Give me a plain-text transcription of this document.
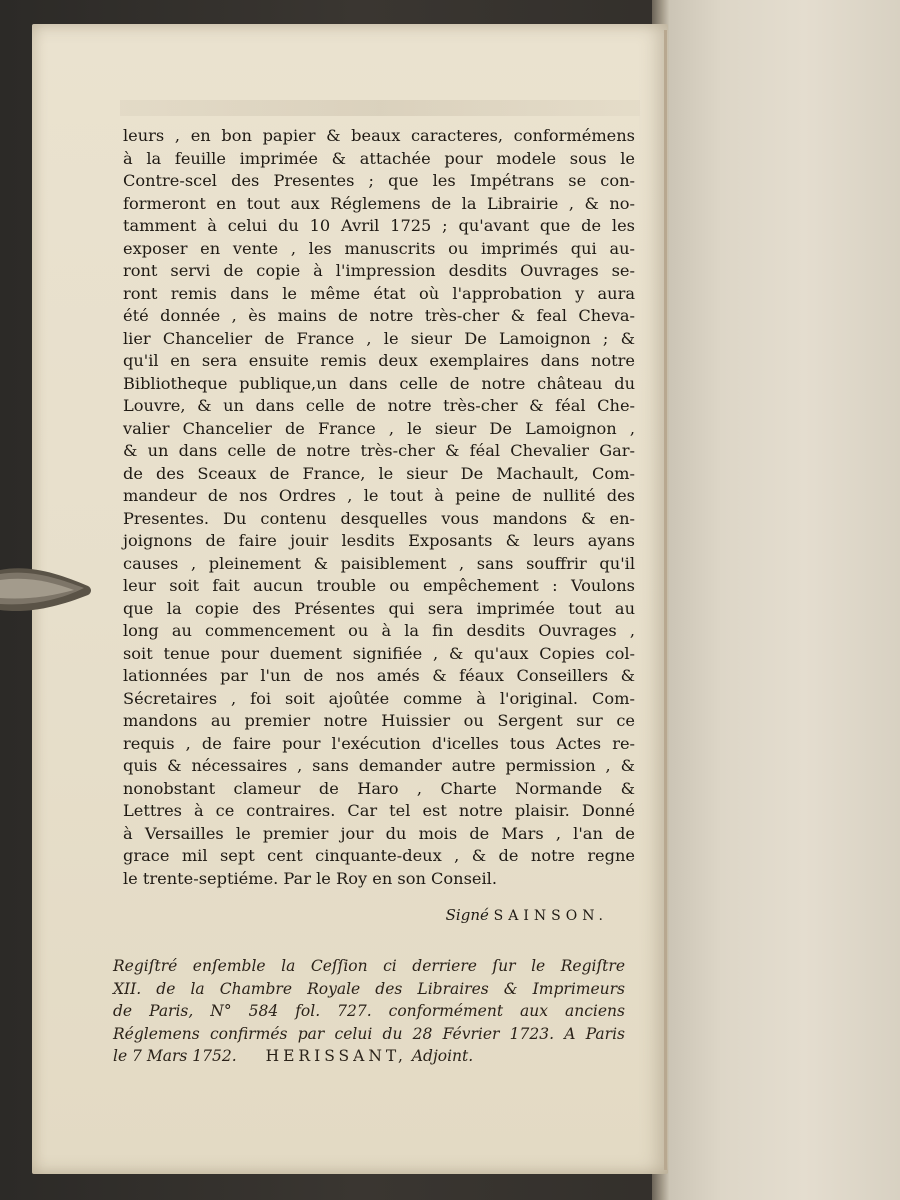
leurs , en bon papier & beaux caracteres, conformémens
à la feuille imprimée & attachée pour modele sous le
Contre-scel des Presentes ; que les Impétrans se con-
formeront en tout aux Réglemens de la Librairie , & no-
tamment à celui du 10 Avril 1725 ; qu'avant que de les
exposer en vente , les manuscrits ou imprimés qui au-
ront servi de copie à l'impression desdits Ouvrages se-
ront remis dans le même état où l'approbation y aura
été donnée , ès mains de notre très-cher & feal Cheva-
lier Chancelier de France , le sieur De Lamoignon ; &
qu'il en sera ensuite remis deux exemplaires dans notre
Bibliotheque publique,un dans celle de notre château du
Louvre, & un dans celle de notre très-cher & féal Che-
valier Chancelier de France , le sieur De Lamoignon ,
& un dans celle de notre très-cher & féal Chevalier Gar-
de des Sceaux de France, le sieur De Machault, Com-
mandeur de nos Ordres , le tout à peine de nullité des
Presentes. Du contenu desquelles vous mandons & en-
joignons de faire jouir lesdits Exposants & leurs ayans
causes , pleinement & paisiblement , sans souffrir qu'il
leur soit fait aucun trouble ou empêchement : Voulons
que la copie des Présentes qui sera imprimée tout au
long au commencement ou à la fin desdits Ouvrages ,
soit tenue pour duement signifiée , & qu'aux Copies col-
lationnées par l'un de nos amés & féaux Conseillers &
Sécretaires , foi soit ajoûtée comme à l'original. Com-
mandons au premier notre Huissier ou Sergent sur ce
requis , de faire pour l'exécution d'icelles tous Actes re-
quis & nécessaires , sans demander autre permission , &
nonobstant clameur de Haro , Charte Normande &
Lettres à ce contraires. Car tel est notre plaisir. Donné
à Versailles le premier jour du mois de Mars , l'an de
grace mil sept cent cinquante-deux , & de notre regne
le trente-septiéme. Par le Roy en son Conseil.
Signé SAINSON.
Regiſtré enſemble la Ceſſion ci derriere ſur le Regiſtre
XII. de la Chambre Royale des Libraires & Imprimeurs
de Paris, N° 584 fol. 727. conformément aux anciens
Réglemens confirmés par celui du 28 Février 1723. A Paris
le 7 Mars 1752. HERISSANT, Adjoint.
